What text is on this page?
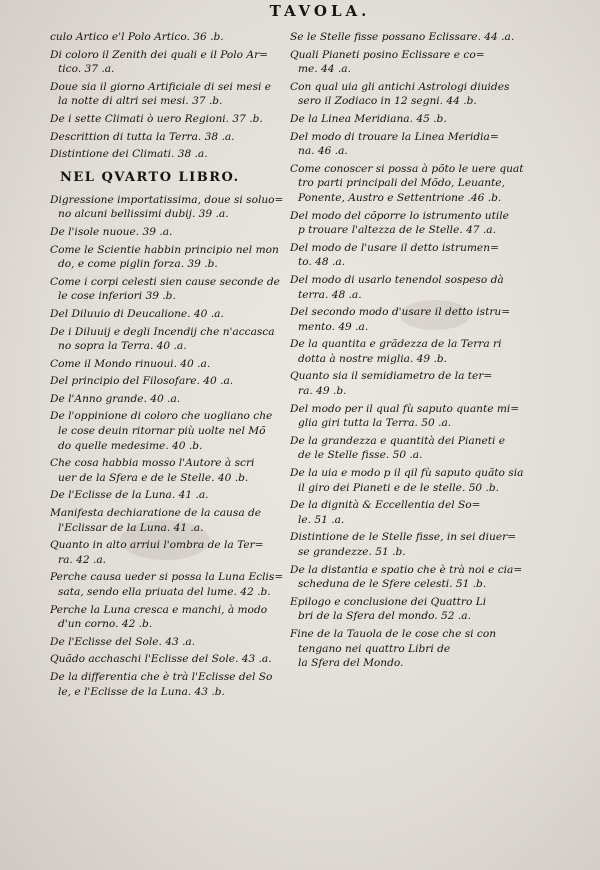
TAVOLA.
culo Artico e'l Polo Artico. 36 .b.
Di coloro il Zenith dei quali e il Polo Ar=
tico. 37 .a.
Doue sia il giorno Artificiale di sei mesi e
la notte di altri sei mesi. 37 .b.
De i sette Climati ò uero Regioni. 37 .b.
Descrittion di tutta la Terra. 38 .a.
Distintione dei Climati. 38 .a.
NEL QVARTO LIBRO.
Digressione importatissima, doue si soluo=
no alcuni bellissimi dubij. 39 .a.
De l'isole nuoue. 39 .a.
Come le Scientie habbin principio nel mon
do, e come piglin forza. 39 .b.
Come i corpi celesti sien cause seconde de
le cose inferiori 39 .b.
Del Diluuio di Deucalione. 40 .a.
De i Diluuij e degli Incendij che n'accasca
no sopra la Terra. 40 .a.
Come il Mondo rinuoui. 40 .a.
Del principio del Filosofare. 40 .a.
De l'Anno grande. 40 .a.
De l'oppinione di coloro che uogliano che
le cose deuin ritornar più uolte nel Mõ
do quelle medesime. 40 .b.
Che cosa habbia mosso l'Autore à scri
uer de la Sfera e de le Stelle. 40 .b.
De l'Eclisse de la Luna. 41 .a.
Manifesta dechiaratione de la causa de
l'Eclissar de la Luna. 41 .a.
Quanto in alto arriui l'ombra de la Ter=
ra. 42 .a.
Perche causa ueder si possa la Luna Eclis=
sata, sendo ella priuata del lume. 42 .b.
Perche la Luna cresca e manchi, à modo
d'un corno. 42 .b.
De l'Eclisse del Sole. 43 .a.
Quãdo acchaschi l'Eclisse del Sole. 43 .a.
De la differentia che è trà l'Eclisse del So
le, e l'Eclisse de la Luna. 43 .b.
Se le Stelle fisse possano Eclissare. 44 .a.
Quali Pianeti posino Eclissare e co=
me. 44 .a.
Con qual uia gli antichi Astrologi diuides
sero il Zodiaco in 12 segni. 44 .b.
De la Linea Meridiana. 45 .b.
Del modo di trouare la Linea Meridia=
na. 46 .a.
Come conoscer si possa à põto le uere quat
tro parti principali del Mõdo, Leuante,
Ponente, Austro e Settentrione .46 .b.
Del modo del cõporre lo istrumento utile
p trouare l'altezza de le Stelle. 47 .a.
Del modo de l'usare il detto istrumen=
to. 48 .a.
Del modo di usarlo tenendol sospeso dà
terra. 48 .a.
Del secondo modo d'usare il detto istru=
mento. 49 .a.
De la quantita e grãdezza de la Terra ri
dotta à nostre miglia. 49 .b.
Quanto sia il semidiametro de la ter=
ra. 49 .b.
Del modo per il qual fù saputo quante mi=
glia giri tutta la Terra. 50 .a.
De la grandezza e quantità dei Pianeti e
de le Stelle fisse. 50 .a.
De la uia e modo p il qil fù saputo quãto sia
il giro dei Pianeti e de le stelle. 50 .b.
De la dignità & Eccellentia del So=
le. 51 .a.
Distintione de le Stelle fisse, in sei diuer=
se grandezze. 51 .b.
De la distantia e spatio che è trà noi e cia=
scheduna de le Sfere celesti. 51 .b.
Epilogo e conclusione dei Quattro Li
bri de la Sfera del mondo. 52 .a.
Fine de la Tauola de le cose che si con
tengano nei quattro Libri de
la Sfera del Mondo.
